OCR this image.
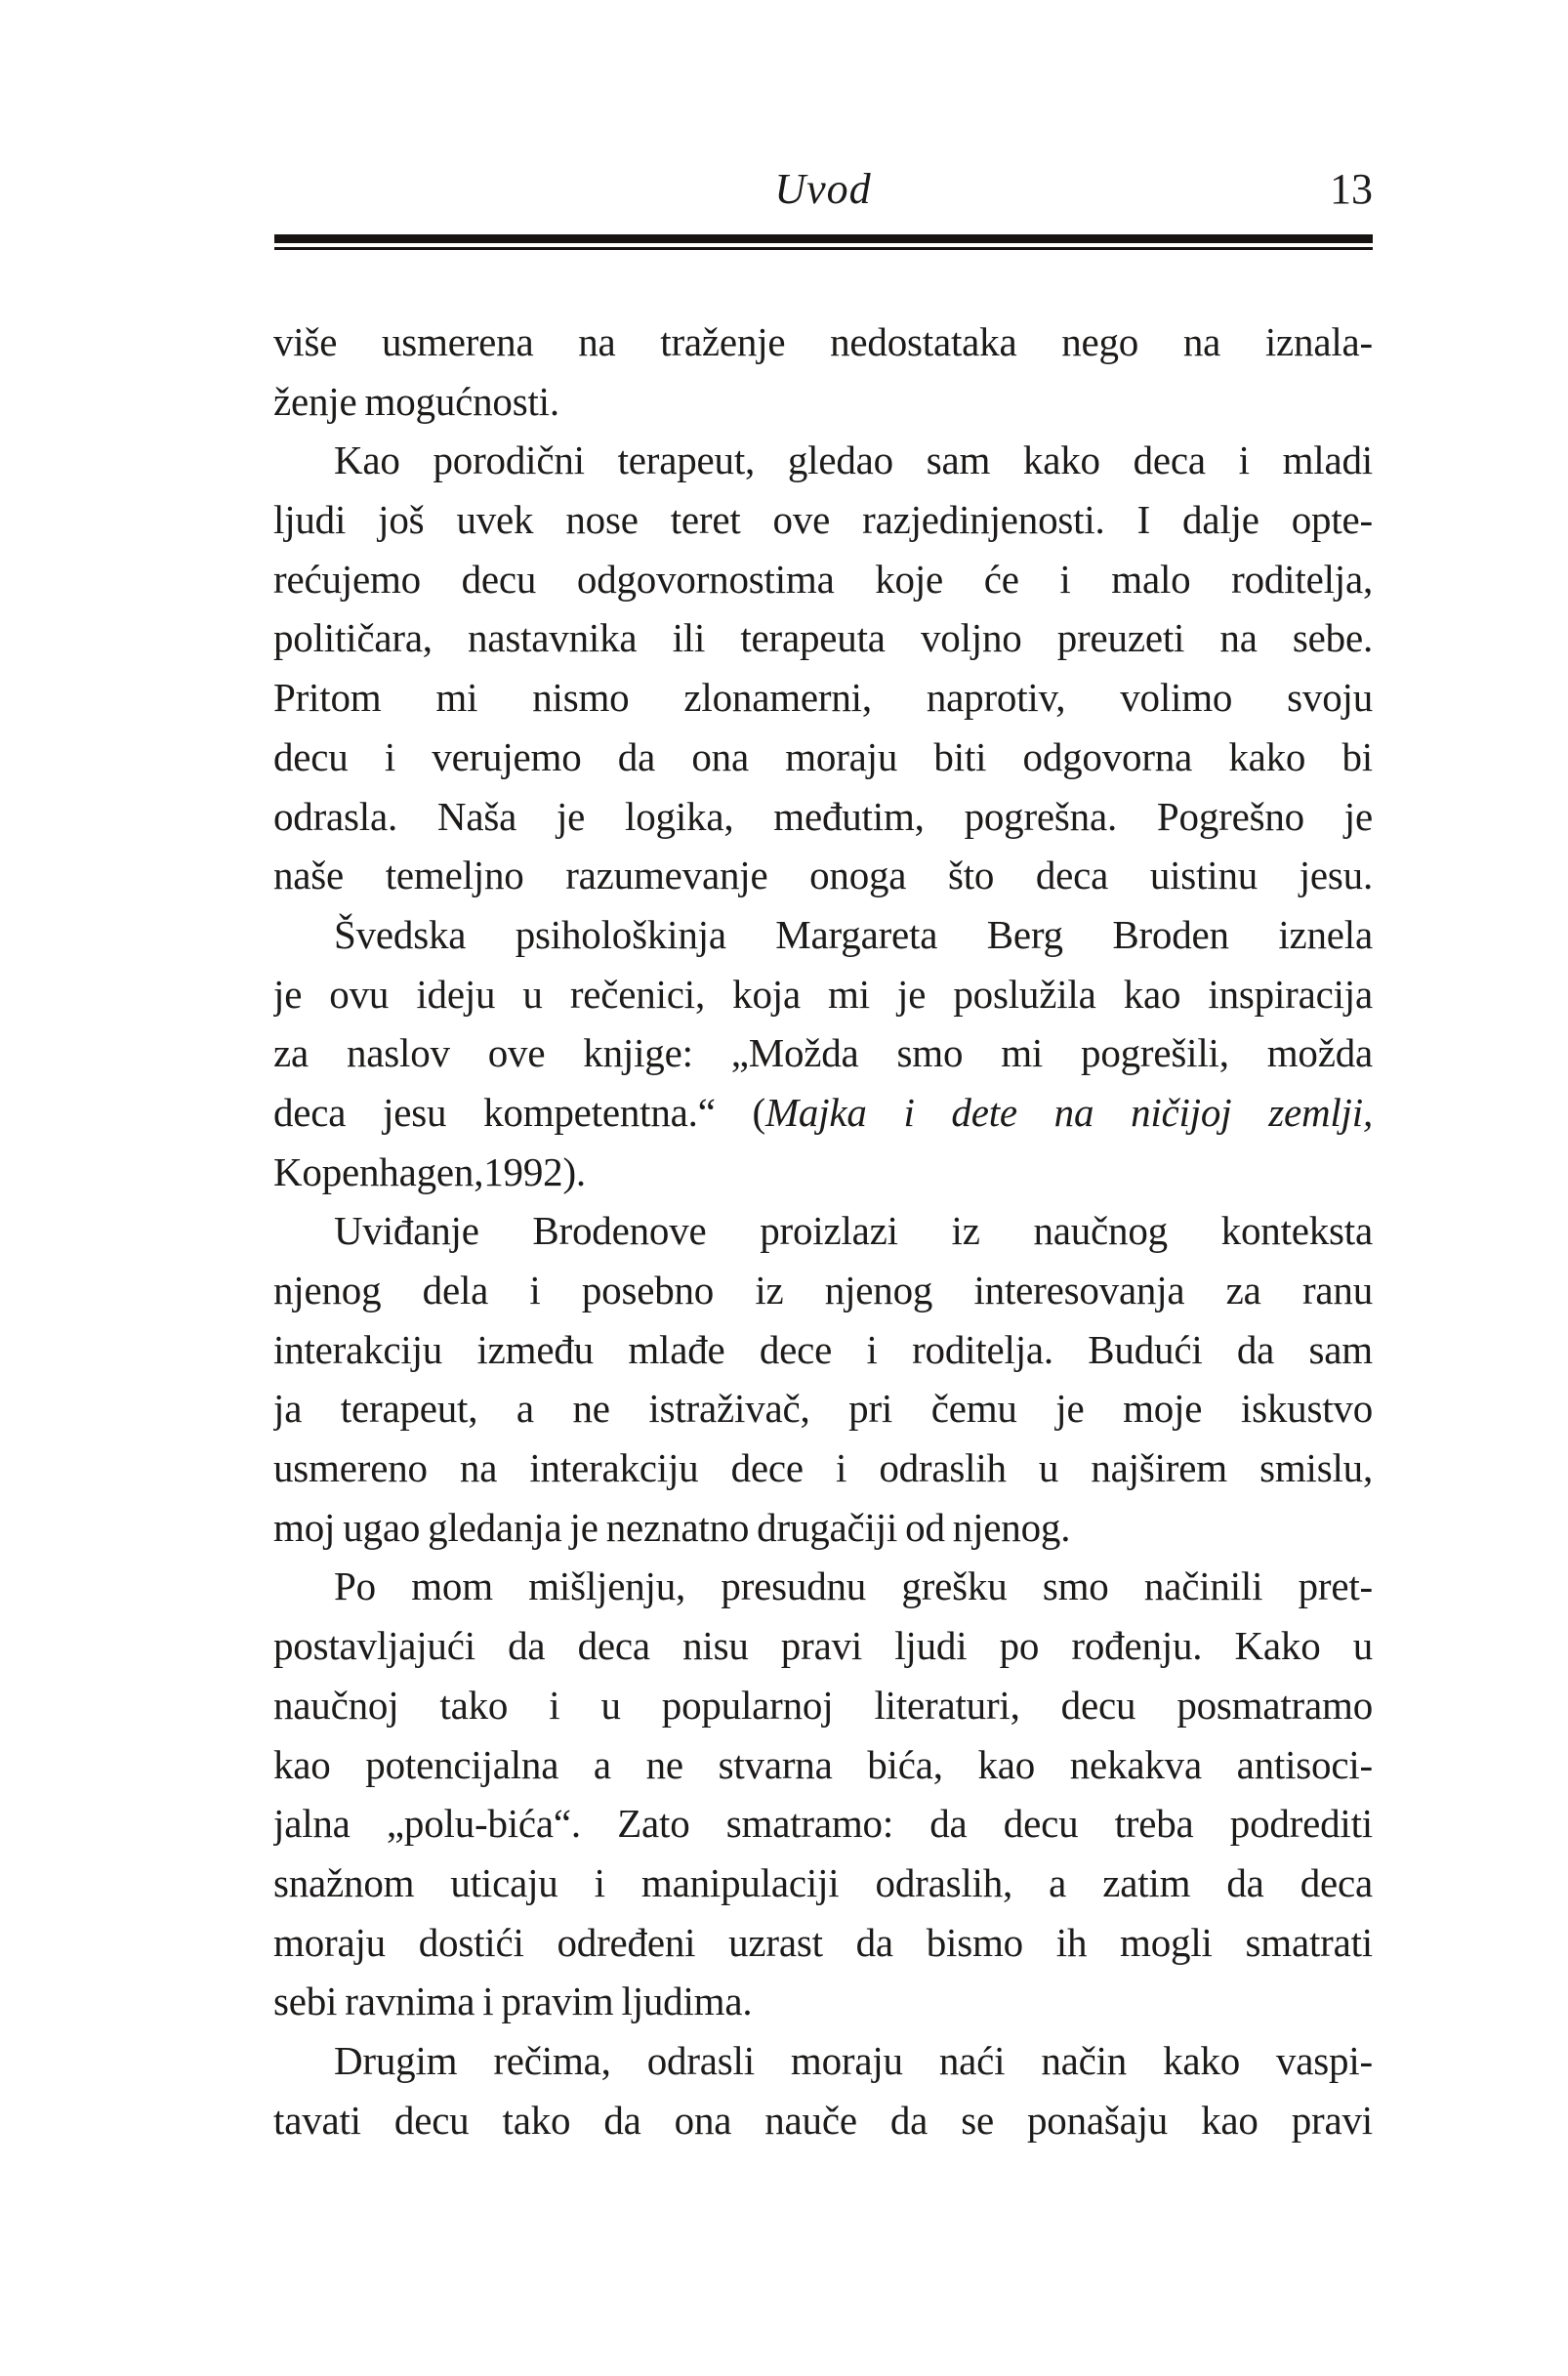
Uvod	13
više usmerena na traženje nedostataka nego na iznala-
ženje mogućnosti.
Kao porodični terapeut, gledao sam kako deca i mladi
ljudi još uvek nose teret ove razjedinjenosti. I dalje opte-
rećujemo decu odgovornostima koje će i malo roditelja,
političara, nastavnika ili terapeuta voljno preuzeti na sebe.
Pritom mi nismo zlonamerni, naprotiv, volimo svoju
decu i verujemo da ona moraju biti odgovorna kako bi
odrasla. Naša je logika, međutim, pogrešna. Pogrešno je
naše temeljno razumevanje onoga što deca uistinu jesu.
Švedska psihološkinja Margareta Berg Broden iznela
je ovu ideju u rečenici, koja mi je poslužila kao inspiracija
za naslov ove knjige: „Možda smo mi pogrešili, možda
deca jesu kompetentna.“ (Majka i dete na ničijoj zemlji,
Kopenhagen,1992).
Uviđanje Brodenove proizlazi iz naučnog konteksta
njenog dela i posebno iz njenog interesovanja za ranu
interakciju između mlađe dece i roditelja. Budući da sam
ja terapeut, a ne istraživač, pri čemu je moje iskustvo
usmereno na interakciju dece i odraslih u najširem smislu,
moj ugao gledanja je neznatno drugačiji od njenog.
Po mom mišljenju, presudnu grešku smo načinili pret-
postavljajući da deca nisu pravi ljudi po rođenju. Kako u
naučnoj tako i u popularnoj literaturi, decu posmatramo
kao potencijalna a ne stvarna bića, kao nekakva antisoci-
jalna „polu-bića“. Zato smatramo: da decu treba podrediti
snažnom uticaju i manipulaciji odraslih, a zatim da deca
moraju dostići određeni uzrast da bismo ih mogli smatrati
sebi ravnima i pravim ljudima.
Drugim rečima, odrasli moraju naći način kako vaspi-
tavati decu tako da ona nauče da se ponašaju kao pravi
